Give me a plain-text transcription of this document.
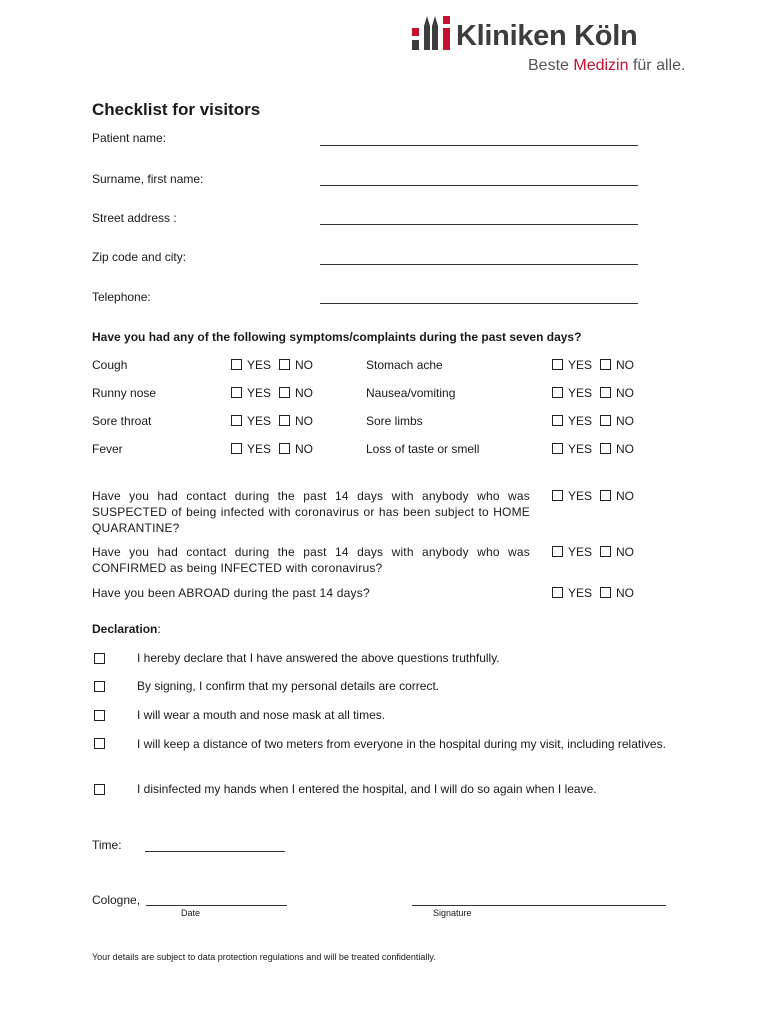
Kliniken Köln
Beste Medizin für alle.
Checklist for visitors
Patient name:
Surname, first name:
Street address :
Zip code and city:
Telephone:
Have you had any of the following symptoms/complaints during the past seven days?
Cough	YES NO
Runny nose	YES NO
Sore throat	YES NO
Fever	YES NO
Stomach ache	YES NO
Nausea/vomiting	YES NO
Sore limbs	YES NO
Loss of taste or smell	YES NO
Have you had contact during the past 14 days with anybody who was SUSPECTED of being infected with coronavirus or has been subject to HOME QUARANTINE?
YES NO
Have you had contact during the past 14 days with anybody who was CONFIRMED as being INFECTED with coronavirus?
YES NO
Have you been ABROAD during the past 14 days?	YES NO
Declaration:
I hereby declare that I have answered the above questions truthfully.
By signing, I confirm that my personal details are correct.
I will wear a mouth and nose mask at all times.
I will keep a distance of two meters from everyone in the hospital during my visit, including relatives.
I disinfected my hands when I entered the hospital, and I will do so again when I leave.
Time:
Cologne,
Date	Signature
Your details are subject to data protection regulations and will be treated confidentially.
